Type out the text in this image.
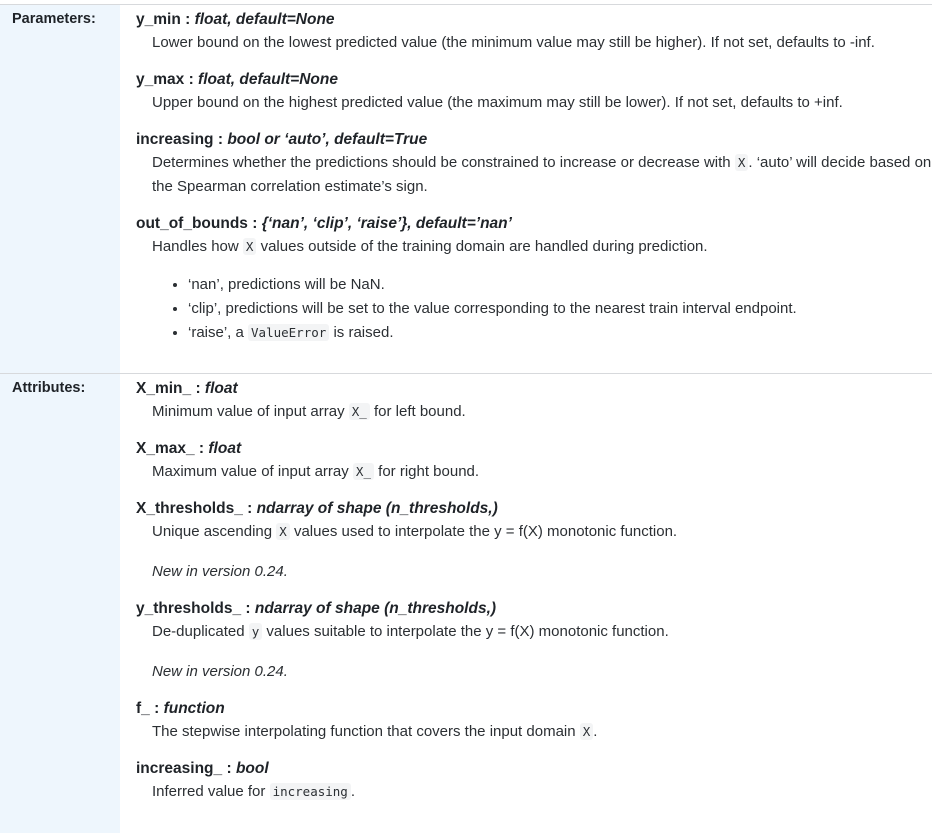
Parameters:	y_min : float, default=None
Lower bound on the lowest predicted value (the minimum value may still be higher). If not set, defaults to -inf.
y_max : float, default=None
Upper bound on the highest predicted value (the maximum may still be lower). If not set, defaults to +inf.
increasing : bool or ‘auto’, default=True
Determines whether the predictions should be constrained to increase or decrease with X . ‘auto’ will decide based on the Spearman correlation estimate’s sign.
out_of_bounds : {‘nan’, ‘clip’, ‘raise’}, default=’nan’
Handles how X values outside of the training domain are handled during prediction.
• ‘nan’, predictions will be NaN.
• ‘clip’, predictions will be set to the value corresponding to the nearest train interval endpoint.
• ‘raise’, a ValueError is raised.
Attributes:	X_min_ : float
Minimum value of input array X_ for left bound.
X_max_ : float
Maximum value of input array X_ for right bound.
X_thresholds_ : ndarray of shape (n_thresholds,)
Unique ascending X values used to interpolate the y = f(X) monotonic function.
New in version 0.24.
y_thresholds_ : ndarray of shape (n_thresholds,)
De-duplicated y values suitable to interpolate the y = f(X) monotonic function.
New in version 0.24.
f_ : function
The stepwise interpolating function that covers the input domain X .
increasing_ : bool
Inferred value for increasing .
